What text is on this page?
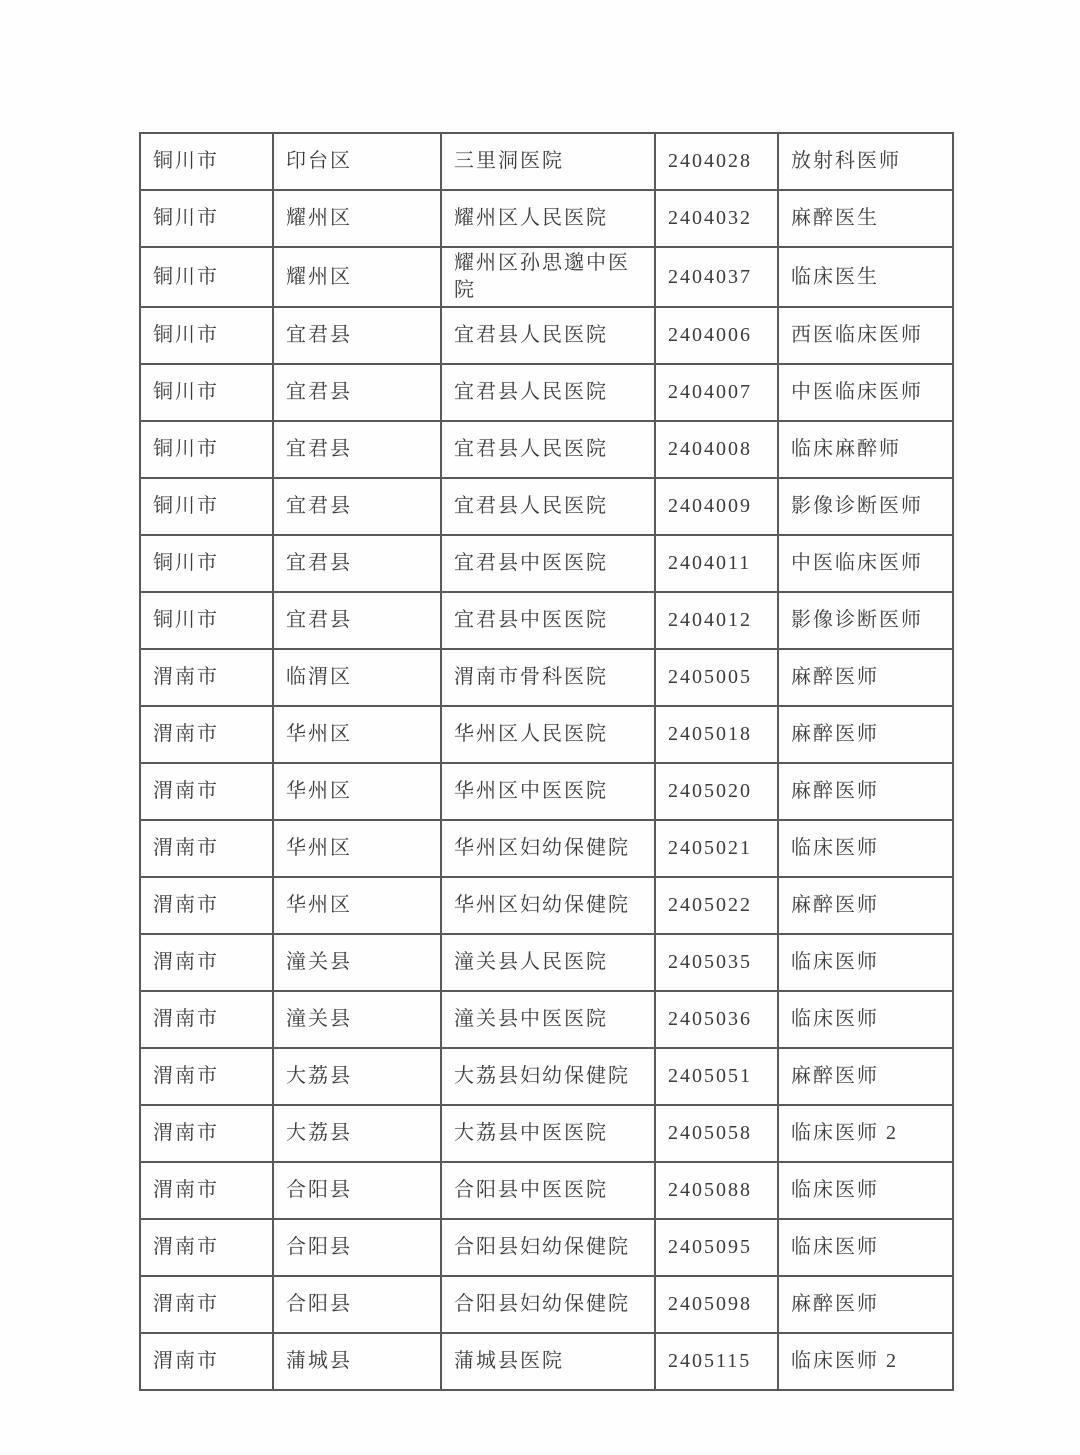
铜川市	印台区	三里洞医院	2404028	放射科医师
铜川市	耀州区	耀州区人民医院	2404032	麻醉医生
铜川市	耀州区	耀州区孙思邈中医院	2404037	临床医生
铜川市	宜君县	宜君县人民医院	2404006	西医临床医师
铜川市	宜君县	宜君县人民医院	2404007	中医临床医师
铜川市	宜君县	宜君县人民医院	2404008	临床麻醉师
铜川市	宜君县	宜君县人民医院	2404009	影像诊断医师
铜川市	宜君县	宜君县中医医院	2404011	中医临床医师
铜川市	宜君县	宜君县中医医院	2404012	影像诊断医师
渭南市	临渭区	渭南市骨科医院	2405005	麻醉医师
渭南市	华州区	华州区人民医院	2405018	麻醉医师
渭南市	华州区	华州区中医医院	2405020	麻醉医师
渭南市	华州区	华州区妇幼保健院	2405021	临床医师
渭南市	华州区	华州区妇幼保健院	2405022	麻醉医师
渭南市	潼关县	潼关县人民医院	2405035	临床医师
渭南市	潼关县	潼关县中医医院	2405036	临床医师
渭南市	大荔县	大荔县妇幼保健院	2405051	麻醉医师
渭南市	大荔县	大荔县中医医院	2405058	临床医师 2
渭南市	合阳县	合阳县中医医院	2405088	临床医师
渭南市	合阳县	合阳县妇幼保健院	2405095	临床医师
渭南市	合阳县	合阳县妇幼保健院	2405098	麻醉医师
渭南市	蒲城县	蒲城县医院	2405115	临床医师 2
